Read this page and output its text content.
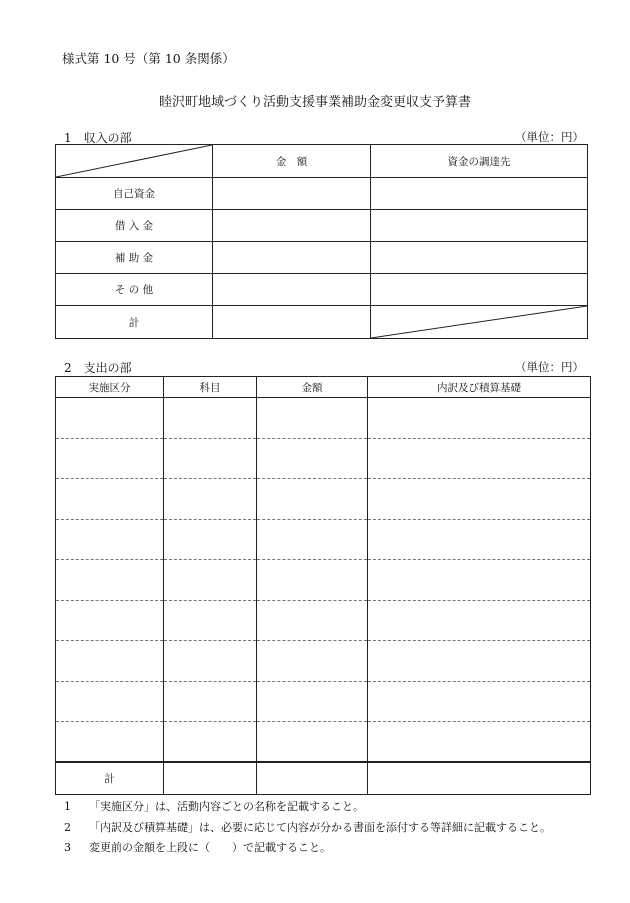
様式第 10 号（第 10 条関係）
睦沢町地域づくり活動支援事業補助金変更収支予算書
1　収入の部	（単位：円）
	金　額	資金の調達先
自己資金		
借 入 金		
補 助 金		
そ の 他		
計		
2　支出の部	（単位：円）
実施区分	科目	金額	内訳及び積算基礎

計			
1 「実施区分」は、活動内容ごとの名称を記載すること。
2 「内訳及び積算基礎」は、必要に応じて内容が分かる書面を添付する等詳細に記載すること。
3 変更前の金額を上段に（　　）で記載すること。
